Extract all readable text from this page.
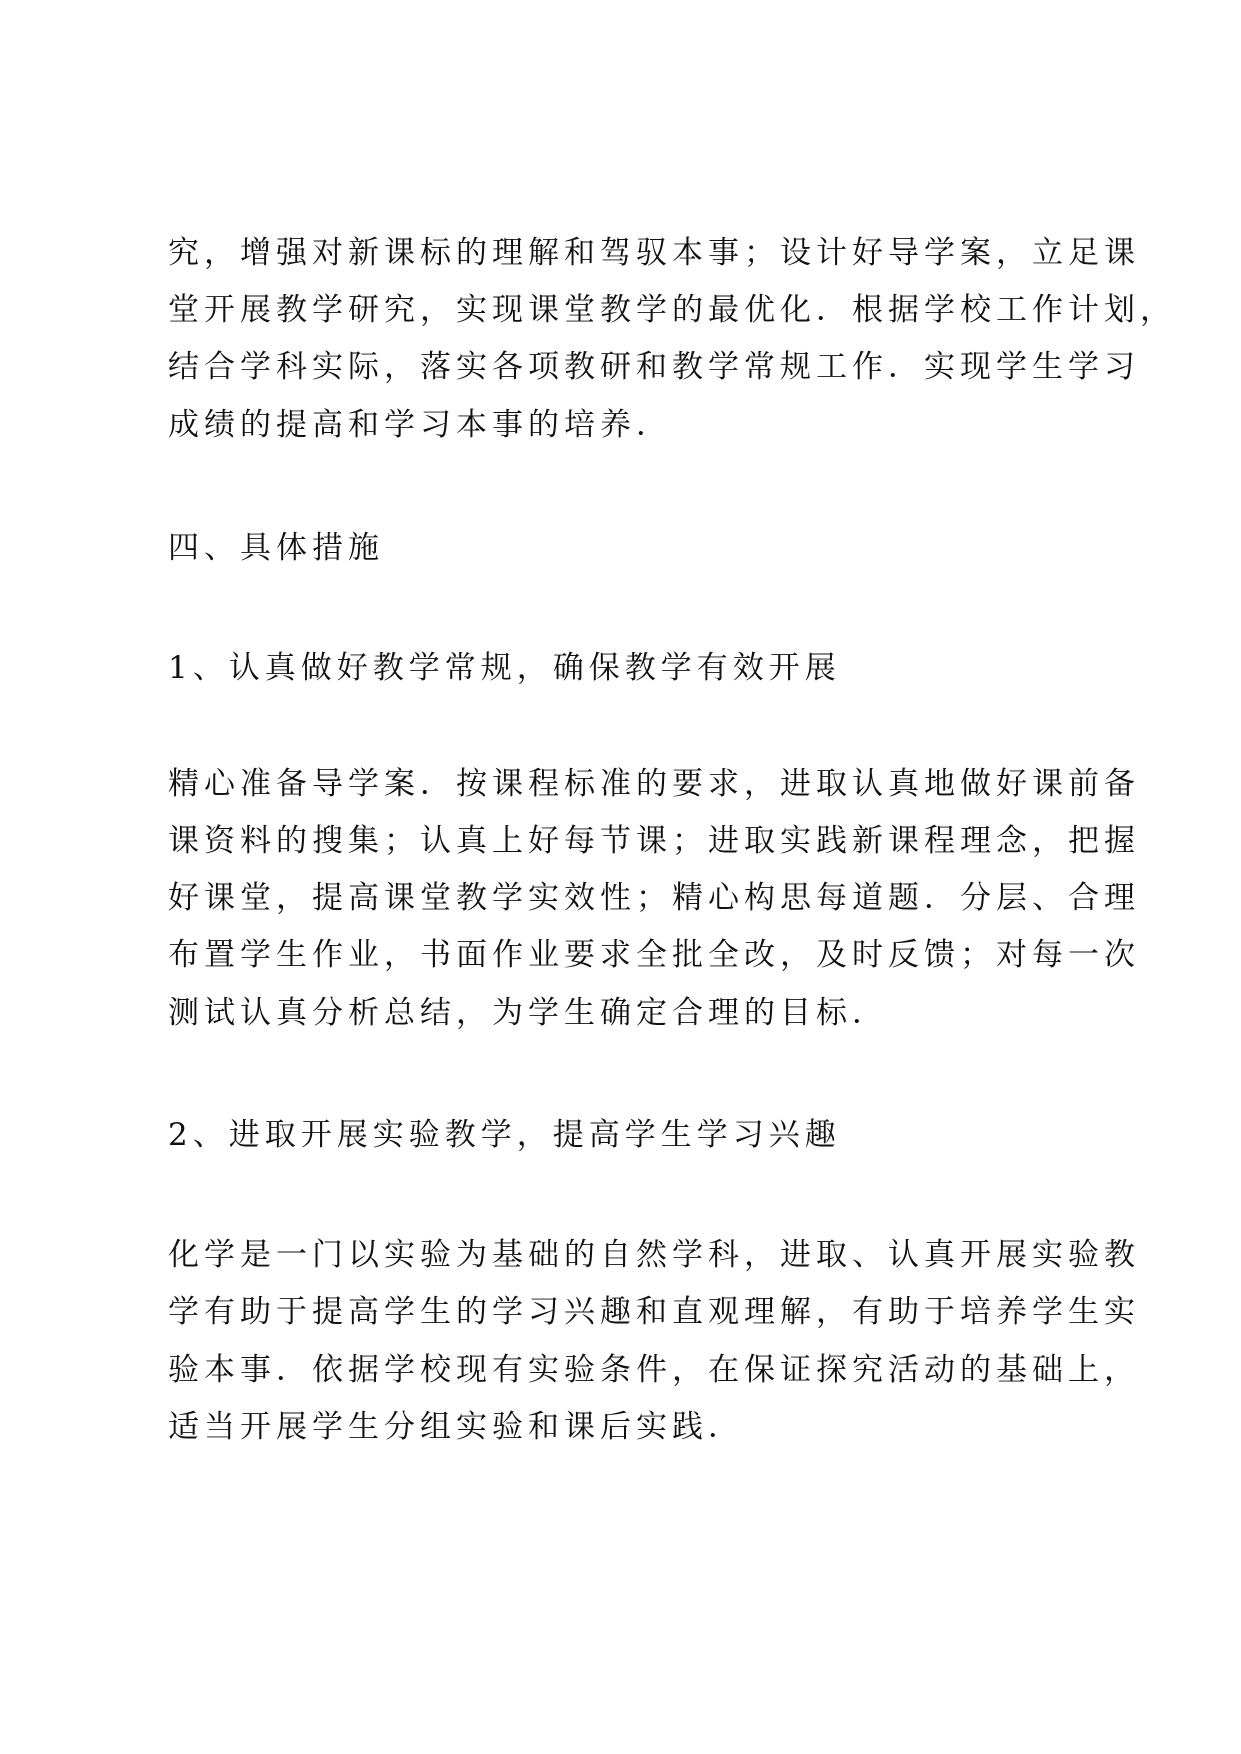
究，增强对新课标的理解和驾驭本事；设计好导学案，立足课

堂开展教学研究，实现课堂教学的最优化．根据学校工作计划，

结合学科实际，落实各项教研和教学常规工作．实现学生学习

成绩的提高和学习本事的培养．

四、具体措施

1、认真做好教学常规，确保教学有效开展

精心准备导学案．按课程标准的要求，进取认真地做好课前备

课资料的搜集；认真上好每节课；进取实践新课程理念，把握

好课堂，提高课堂教学实效性；精心构思每道题．分层、合理

布置学生作业，书面作业要求全批全改，及时反馈；对每一次

测试认真分析总结，为学生确定合理的目标．

2、进取开展实验教学，提高学生学习兴趣

化学是一门以实验为基础的自然学科，进取、认真开展实验教

学有助于提高学生的学习兴趣和直观理解，有助于培养学生实

验本事．依据学校现有实验条件，在保证探究活动的基础上，

适当开展学生分组实验和课后实践．
